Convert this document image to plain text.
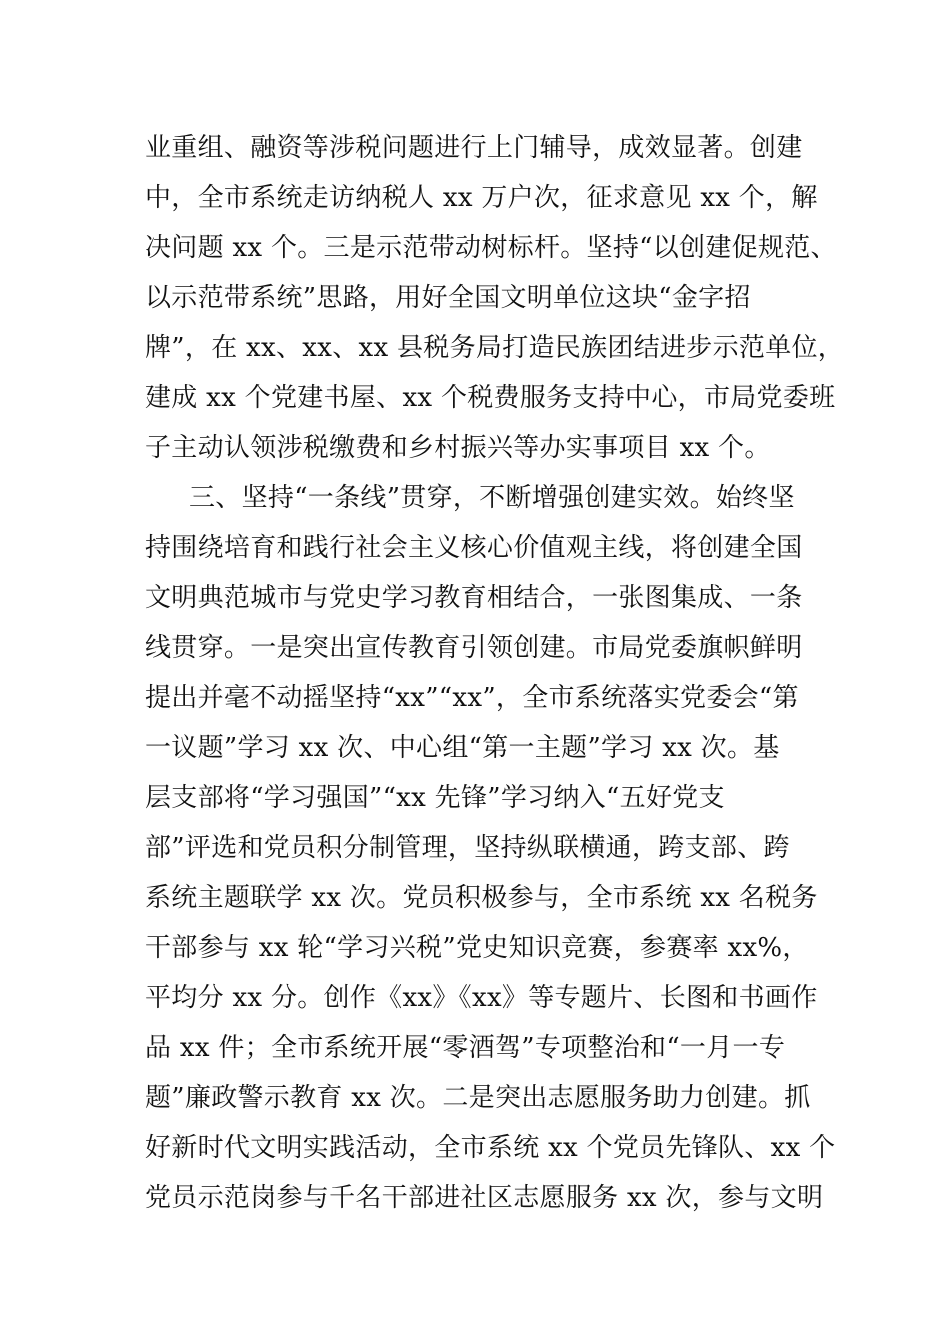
业重组、融资等涉税问题进行上门辅导，成效显著。创建
中，全市系统走访纳税人 xx 万户次，征求意见 xx 个，解
决问题 xx 个。三是示范带动树标杆。坚持“以创建促规范、
以示范带系统”思路，用好全国文明单位这块“金字招
牌”，在 xx、xx、xx 县税务局打造民族团结进步示范单位，
建成 xx 个党建书屋、xx 个税费服务支持中心，市局党委班
子主动认领涉税缴费和乡村振兴等办实事项目 xx 个。
三、坚持“一条线”贯穿，不断增强创建实效。始终坚
持围绕培育和践行社会主义核心价值观主线，将创建全国
文明典范城市与党史学习教育相结合，一张图集成、一条
线贯穿。一是突出宣传教育引领创建。市局党委旗帜鲜明
提出并毫不动摇坚持“xx”“xx”，全市系统落实党委会“第
一议题”学习 xx 次、中心组“第一主题”学习 xx 次。基
层支部将“学习强国”“xx 先锋”学习纳入“五好党支
部”评选和党员积分制管理，坚持纵联横通，跨支部、跨
系统主题联学 xx 次。党员积极参与，全市系统 xx 名税务
干部参与 xx 轮“学习兴税”党史知识竞赛，参赛率 xx%，
平均分 xx 分。创作《xx》《xx》等专题片、长图和书画作
品 xx 件；全市系统开展“零酒驾”专项整治和“一月一专
题”廉政警示教育 xx 次。二是突出志愿服务助力创建。抓
好新时代文明实践活动，全市系统 xx 个党员先锋队、xx 个
党员示范岗参与千名干部进社区志愿服务 xx 次，参与文明
